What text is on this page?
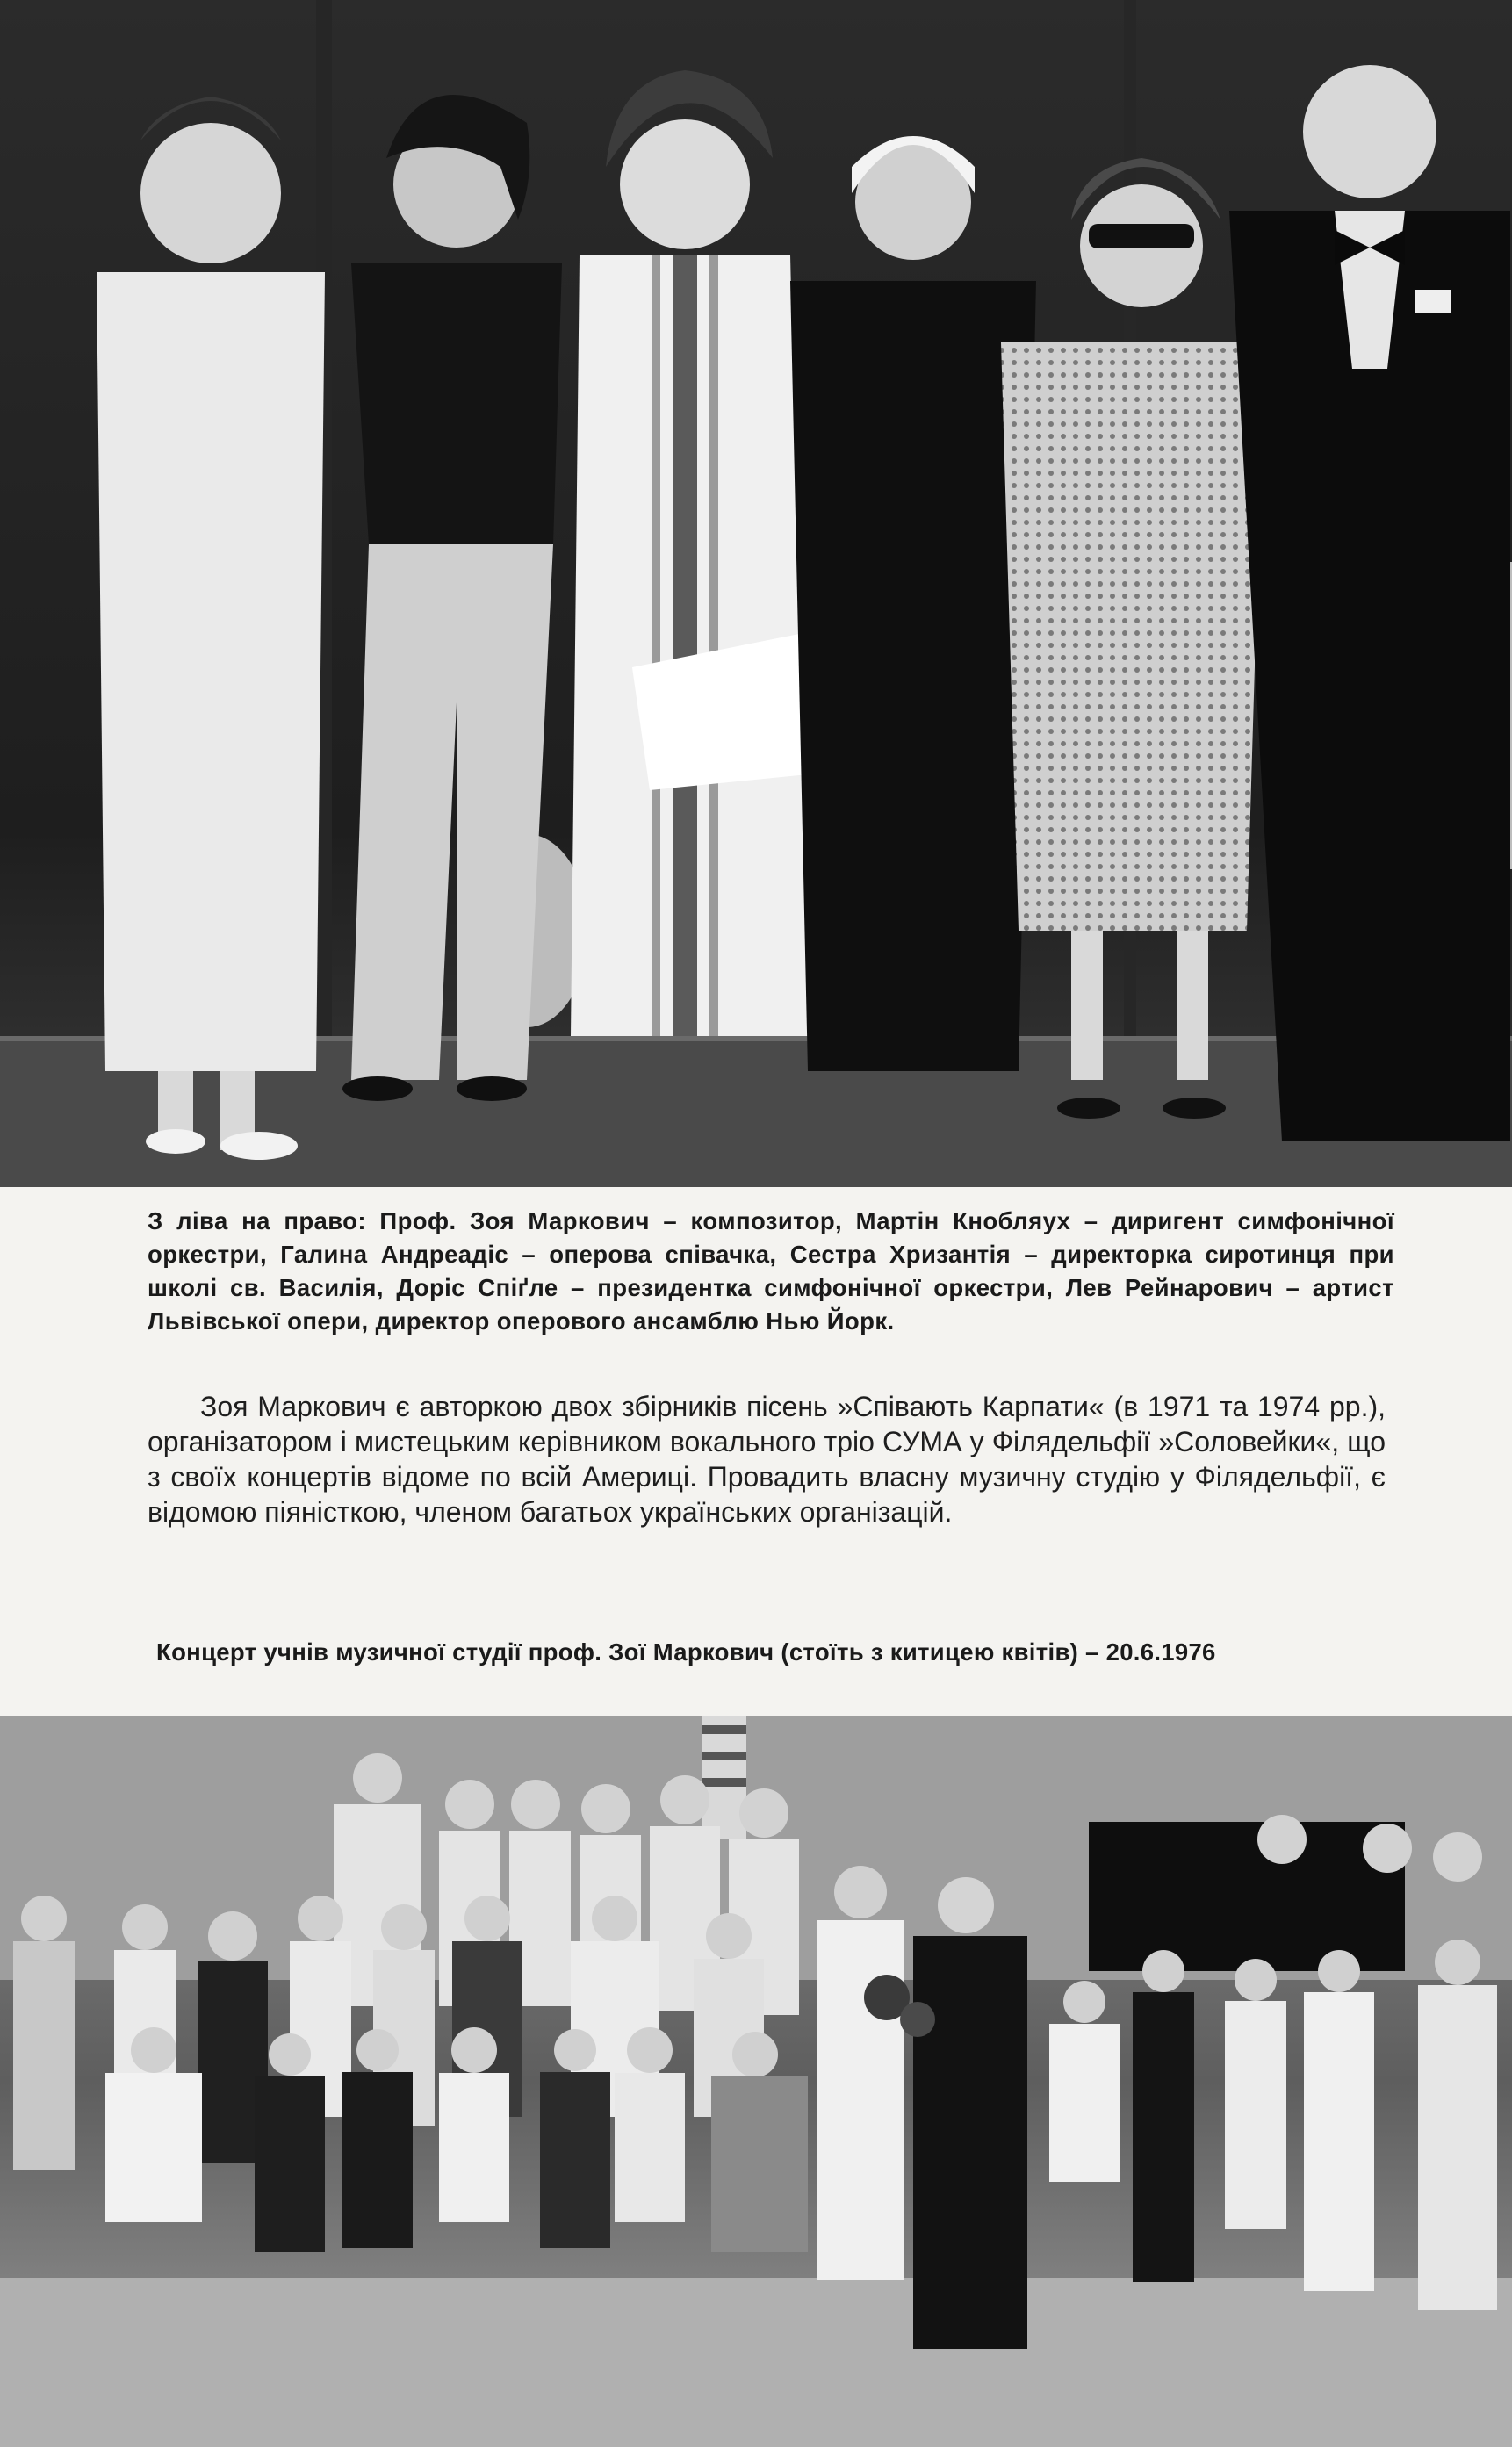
З ліва на право: Проф. Зоя Маркович – композитор, Мартін Кнобляух – диригент симфонічної оркестри, Галина Андреадіс – оперова співачка, Сестра Хризантія – директорка сиротинця при школі св. Василія, Доріс Спіґле – президентка симфонічної оркестри, Лев Рейнарович – артист Львівської опери, директор оперового ансамблю Нью Йорк.
Зоя Маркович є авторкою двох збірників пісень »Співають Карпати« (в 1971 та 1974 рр.), організатором і мистецьким керівником вокального тріо СУМА у Філядельфії »Соловейки«, що з своїх концертів відоме по всій Америці. Провадить власну музичну студію у Філядельфії, є відомою піяністкою, членом багатьох українських організацій.
Концерт учнів музичної студії проф. Зої Маркович (стоїть з китицею квітів) – 20.6.1976
